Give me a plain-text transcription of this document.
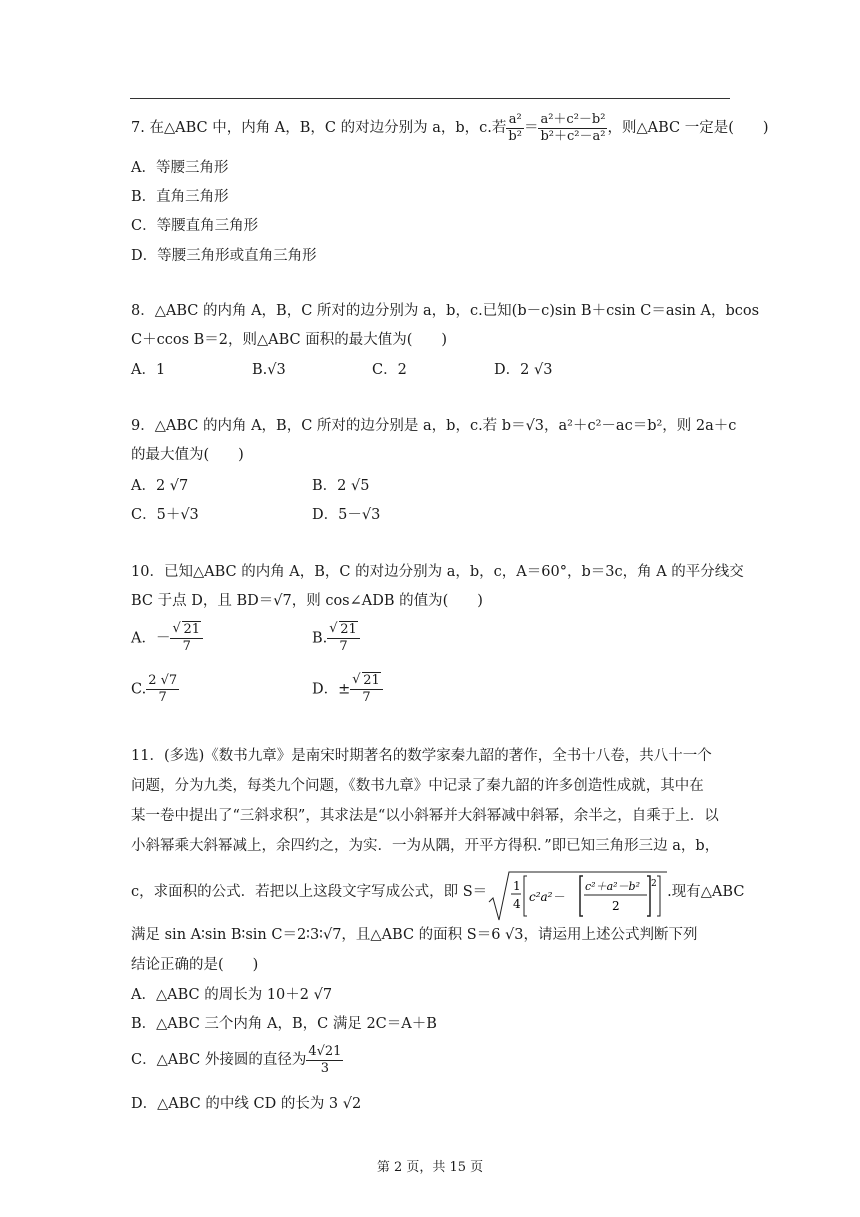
7. 在△ABC 中，内角 A，B，C 的对边分别为 a，b，c.若 $\frac{\text{a²}}{\text{b²}} = \frac{\text{a²＋c²－b²}}{\text{b²＋c²－a²}}$ ，则△ABC 一定是(　　)
A．等腰三角形
B．直角三角形
C．等腰直角三角形
D．等腰三角形或直角三角形
8．△ABC 的内角 A，B，C 所对的边分别为 a，b，c.已知(b－c)sin B＋csin C＝asin A，bcos
C＋ccos B＝2，则△ABC 面积的最大值为(　　)
A．1	B.√3	C．2	D．2 √3
9．△ABC 的内角 A，B，C 所对的边分别是 a，b，c.若 b＝√3，a²＋c²－ac＝b²，则 2a＋c
的最大值为(　　)
A．2 √7	B．2 √5
C．5＋√3	D．5－√3
10．已知△ABC 的内角 A，B，C 的对边分别为 a，b，c，A＝60°，b＝3c，角 A 的平分线交
BC 于点 D，且 BD＝√7，则 cos∠ADB 的值为(　　)
A．－ √ $\frac{21}{7}$	B. √ $\frac{21}{7}$
C. $\frac{2 √7}{7}$	D．± √ $\frac{21}{7}$
11．(多选)《数书九章》是南宋时期著名的数学家秦九韶的著作，全书十八卷，共八十一个
问题，分为九类，每类九个问题，《数书九章》中记录了秦九韶的许多创造性成就，其中在
某一卷中提出了“三斜求积”，其求法是“以小斜幂并大斜幂减中斜幂，余半之，自乘于上．以
小斜幂乘大斜幂减上，余四约之，为实．一为从隅，开平方得积．”即已知三角形三边 a，b，
c，求面积的公式．若把以上这段文字写成公式，即 S＝ 1
4 c²a²－
c²＋a²－b²
2
2 .现有△ABC
满足 sin A∶sin B∶sin C＝2∶3∶√7，且△ABC 的面积 S＝6 √3，请运用上述公式判断下列
结论正确的是(　　)
A．△ABC 的周长为 10＋2 √7
B．△ABC 三个内角 A，B，C 满足 2C＝A＋B
C．△ABC 外接圆的直径为 $\frac{4√21}{3}$
D．△ABC 的中线 CD 的长为 3 √2
第 2 页，共 15 页
